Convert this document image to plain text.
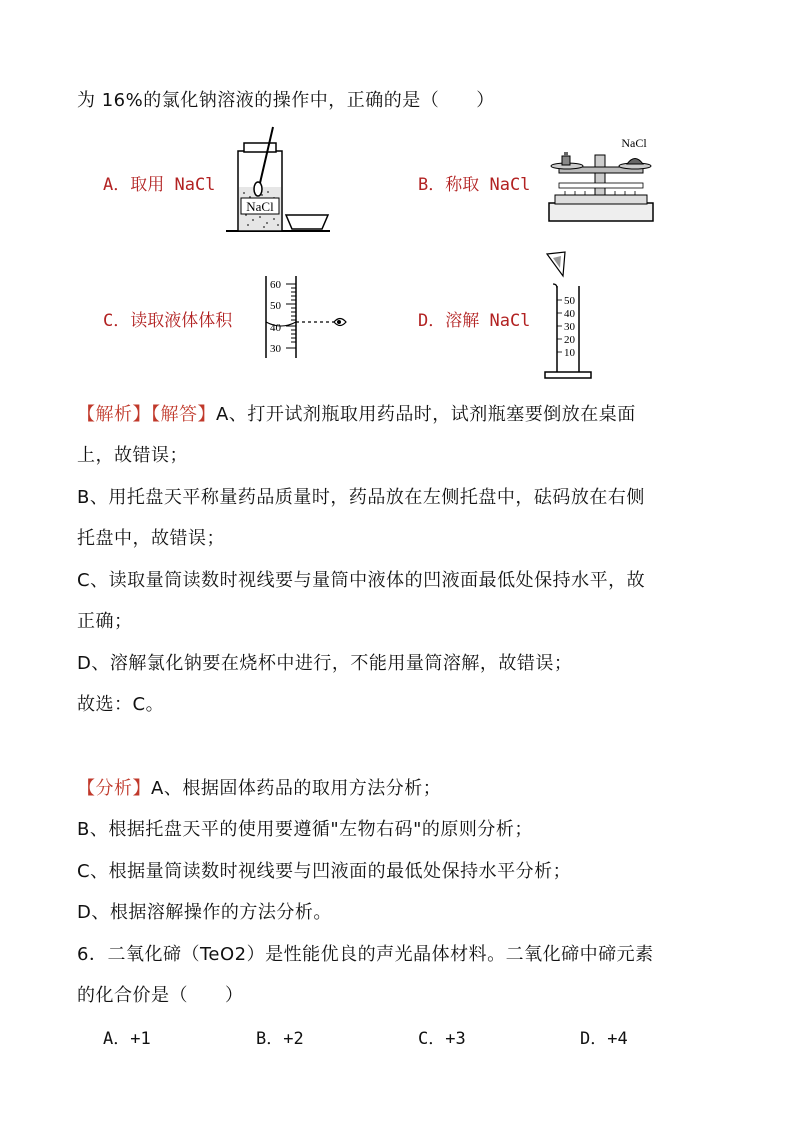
为 16%的氯化钠溶液的操作中，正确的是（　　）
A．取用 NaCl
NaCl
B．称取 NaCl
NaCl
C．读取液体体积
60
50
40
30
D．溶解 NaCl
50
40
30
20
10
【解析】【解答】A、打开试剂瓶取用药品时，试剂瓶塞要倒放在桌面
上，故错误；
B、用托盘天平称量药品质量时，药品放在左侧托盘中，砝码放在右侧
托盘中，故错误；
C、读取量筒读数时视线要与量筒中液体的凹液面最低处保持水平，故
正确；
D、溶解氯化钠要在烧杯中进行，不能用量筒溶解，故错误；
故选：C。
【分析】A、根据固体药品的取用方法分析；
B、根据托盘天平的使用要遵循"左物右码"的原则分析；
C、根据量筒读数时视线要与凹液面的最低处保持水平分析；
D、根据溶解操作的方法分析。
6．二氧化碲（TeO2）是性能优良的声光晶体材料。二氧化碲中碲元素
的化合价是（　　）
A．+1	B．+2	C．+3	D．+4
